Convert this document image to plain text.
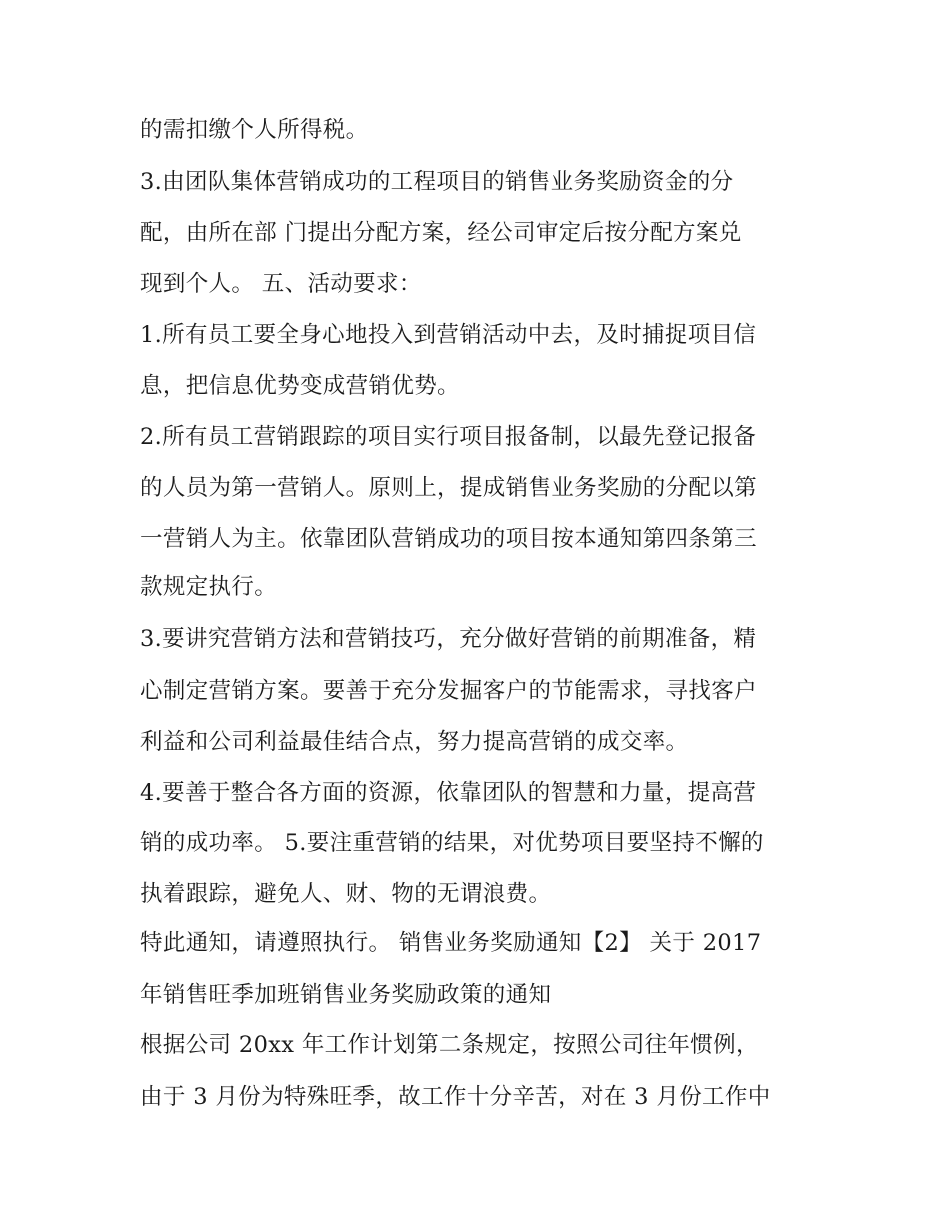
的需扣缴个人所得税。
3.由团队集体营销成功的工程项目的销售业务奖励资金的分
配，由所在部 门提出分配方案，经公司审定后按分配方案兑
现到个人。 五、活动要求：
1.所有员工要全身心地投入到营销活动中去，及时捕捉项目信
息，把信息优势变成营销优势。
2.所有员工营销跟踪的项目实行项目报备制，以最先登记报备
的人员为第一营销人。原则上，提成销售业务奖励的分配以第
一营销人为主。依靠团队营销成功的项目按本通知第四条第三
款规定执行。
3.要讲究营销方法和营销技巧，充分做好营销的前期准备，精
心制定营销方案。要善于充分发掘客户的节能需求，寻找客户
利益和公司利益最佳结合点，努力提高营销的成交率。
4.要善于整合各方面的资源，依靠团队的智慧和力量，提高营
销的成功率。 5.要注重营销的结果，对优势项目要坚持不懈的
执着跟踪，避免人、财、物的无谓浪费。
特此通知，请遵照执行。 销售业务奖励通知【2】 关于 2017
年销售旺季加班销售业务奖励政策的通知
根据公司 20xx 年工作计划第二条规定，按照公司往年惯例，
由于 3 月份为特殊旺季，故工作十分辛苦，对在 3 月份工作中
